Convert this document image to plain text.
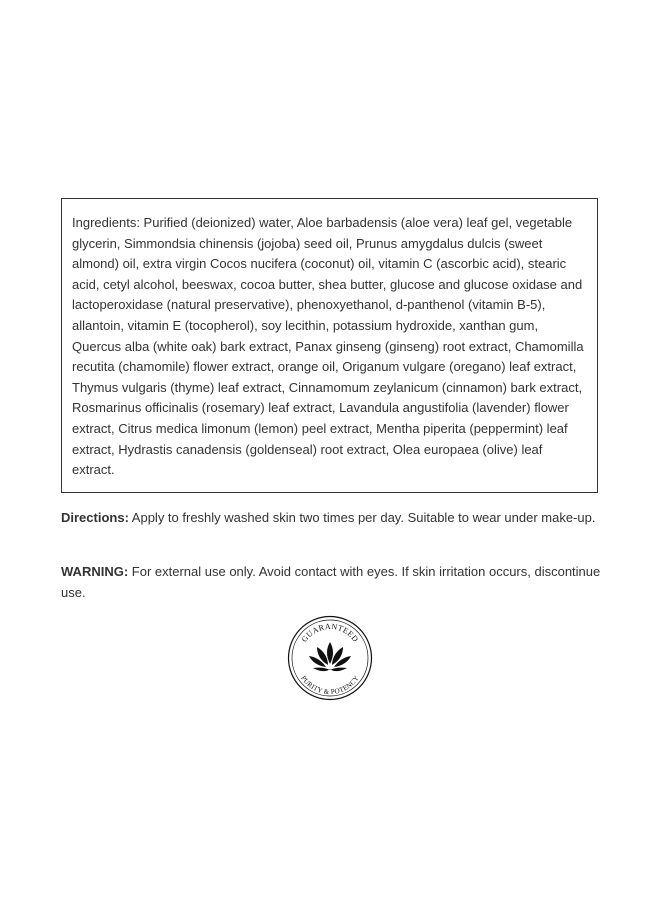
Ingredients: Purified (deionized) water, Aloe barbadensis (aloe vera) leaf gel, vegetable glycerin, Simmondsia chinensis (jojoba) seed oil, Prunus amygdalus dulcis (sweet almond) oil, extra virgin Cocos nucifera (coconut) oil, vitamin C (ascorbic acid), stearic acid, cetyl alcohol, beeswax, cocoa butter, shea butter, glucose and glucose oxidase and lactoperoxidase (natural preservative), phenoxyethanol, d-panthenol (vitamin B-5), allantoin, vitamin E (tocopherol), soy lecithin, potassium hydroxide, xanthan gum, Quercus alba (white oak) bark extract, Panax ginseng (ginseng) root extract, Chamomilla recutita (chamomile) flower extract, orange oil, Origanum vulgare (oregano) leaf extract, Thymus vulgaris (thyme) leaf extract, Cinnamomum zeylanicum (cinnamon) bark extract, Rosmarinus officinalis (rosemary) leaf extract, Lavandula angustifolia (lavender) flower extract, Citrus medica limonum (lemon) peel extract, Mentha piperita (peppermint) leaf extract, Hydrastis canadensis (goldenseal) root extract, Olea europaea (olive) leaf extract.

Directions: Apply to freshly washed skin two times per day. Suitable to wear under make-up.

WARNING: For external use only. Avoid contact with eyes. If skin irritation occurs, discontinue use.

GUARANTEED
PURITY & POTENCY
